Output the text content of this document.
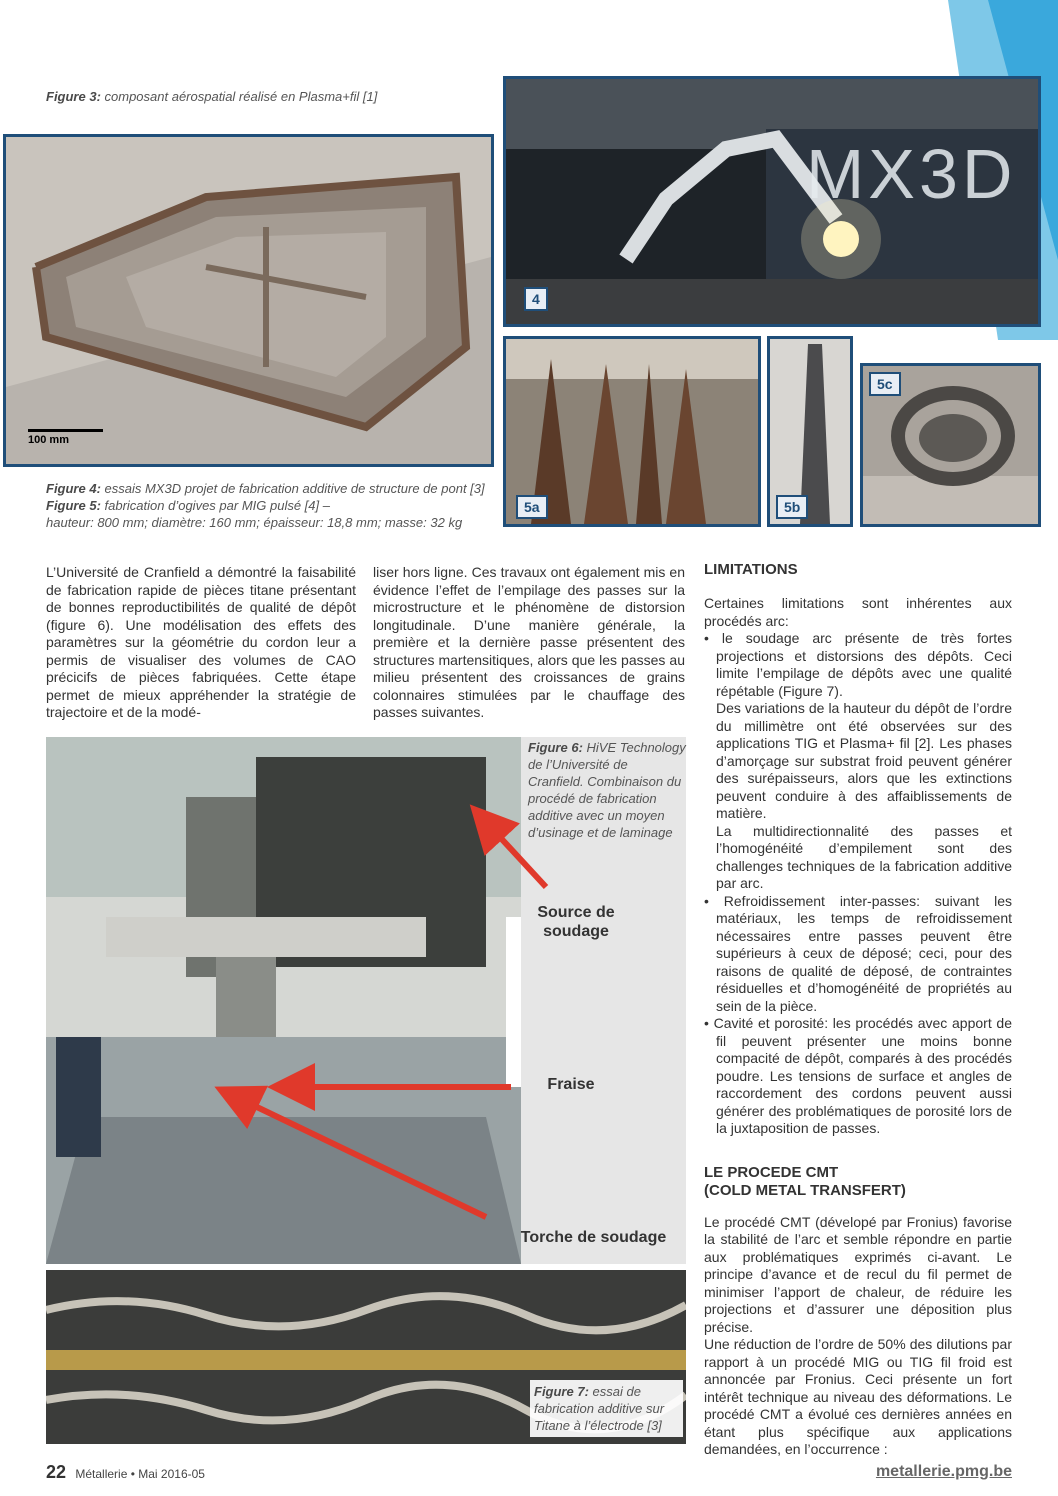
Figure 3: composant aérospatial réalisé en Plasma+fil [1]
100 mm
MX3D
4
5a	5b
5c
Figure 4: essais MX3D projet de fabrication additive de structure de pont [3]
Figure 5: fabrication d’ogives par MIG pulsé [4] –
hauteur: 800 mm; diamètre: 160 mm; épaisseur: 18,8 mm; masse: 32 kg
L’Université de Cranfield a démontré la faisabilité de fabrication rapide de pièces titane présentant de bonnes reproductibilités de qualité de dépôt (figure 6). Une modélisation des effets des paramètres sur la géométrie du cordon leur a permis de visualiser des volumes de CAO précicifs de pièces fabriquées. Cette étape permet de mieux appréhender la stratégie de trajectoire et de la modé-
liser hors ligne. Ces travaux ont également mis en évidence l’effet de l’empilage des passes sur la microstructure et le phénomène de distorsion longitudinale. D’une manière générale, la première et la dernière passe présentent des structures martensitiques, alors que les passes au milieu présentent des croissances de grains colonnaires stimulées par le chauffage des passes suivantes.
Figure 6: HiVE Technology de l’Université de Cranfield. Combinaison du procédé de fabrication additive avec un moyen d’usinage et de laminage
Source de
soudage
Fraise
Torche de soudage
Figure 7: essai de fabrication additive sur Titane à l’électrode [3]

LIMITATIONS

Certaines limitations sont inhérentes aux procédés arc:

• le soudage arc présente de très fortes projections et distorsions des dépôts. Ceci limite l’empilage de dépôts avec une qualité répétable (Figure 7).

Des variations de la hauteur du dépôt de l’ordre du millimètre ont été observées sur des applications TIG et Plasma+ fil [2]. Les phases d’amorçage sur substrat froid peuvent générer des surépaisseurs, alors que les extinctions peuvent conduire à des affaiblissements de matière.

La multidirectionnalité des passes et l’homogénéité d’empilement sont des challenges techniques de la fabrication additive par arc.

• Refroidissement inter-passes: suivant les matériaux, les temps de refroidissement nécessaires entre passes peuvent être supérieurs à ceux de déposé; ceci, pour des raisons de qualité de déposé, de contraintes résiduelles et d’homogénéité de propriétés au sein de la pièce.

• Cavité et porosité: les procédés avec apport de fil peuvent présenter une moins bonne compacité de dépôt, comparés à des procédés poudre. Les tensions de surface et angles de raccordement des cordons peuvent aussi générer des problématiques de porosité lors de la juxtaposition de passes.

LE PROCEDE CMT

(COLD METAL TRANSFERT)

Le procédé CMT (dévelopé par Fronius) favorise la stabilité de l’arc et semble répondre en partie aux problématiques exprimés ci-avant. Le principe d’avance et de recul du fil permet de minimiser l’apport de chaleur, de réduire les projections et d’assurer une déposition plus précise.

Une réduction de l’ordre de 50% des dilutions par rapport à un procédé MIG ou TIG fil froid est annoncée par Fronius. Ceci présente un fort intérêt technique au niveau des déformations. Le procédé CMT a évolué ces dernières années en étant plus spécifique aux applications demandées, en l’occurrence :

22 Métallerie • Mai 2016-05	metallerie.pmg.be
